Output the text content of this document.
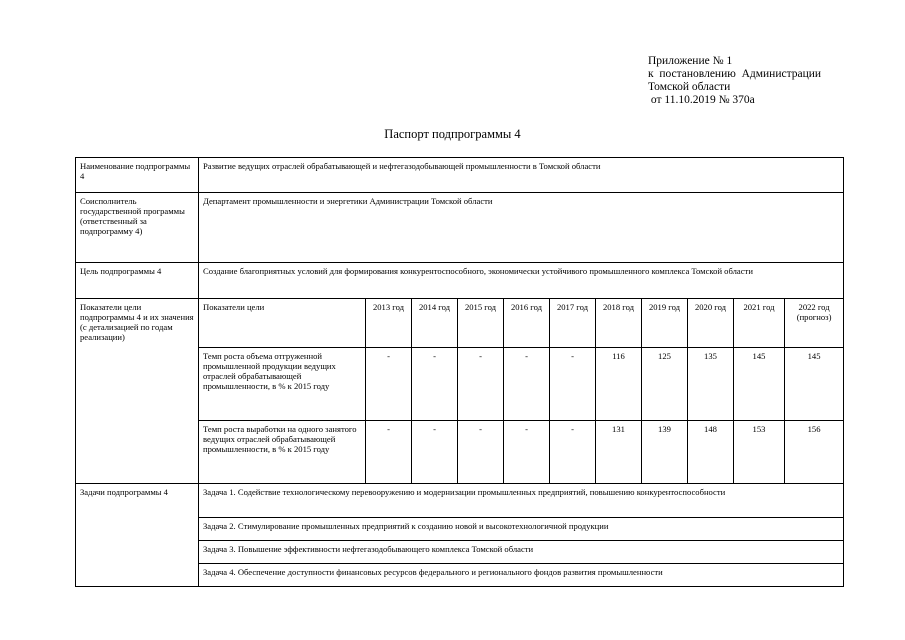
Приложение № 1
к  постановлению  Администрации
Томской области
от 11.10.2019 № 370а
Паспорт подпрограммы 4
Наименование подпрограммы 4	Развитие ведущих отраслей обрабатывающей и нефтегазодобывающей промышленности в Томской области										
Соисполнитель государственной программы (ответственный за подпрограмму 4)	Департамент промышленности и энергетики Администрации Томской области										
Цель подпрограммы 4	Создание благоприятных условий для формирования конкурентоспособного, экономически устойчивого промышленного комплекса Томской области										
Показатели цели подпрограммы 4 и их значения (с детализацией по годам реализации)	Показатели цели	2013 год	2014 год	2015 год	2016 год	2017 год	2018 год	2019 год	2020 год	2021 год	2022 год (прогноз)
	Темп роста объема отгруженной промышленной продукции ведущих отраслей обрабатывающей промышленности, в % к 2015 году	-	-	-	-	-	116	125	135	145	145
	Темп роста выработки на одного занятого ведущих отраслей обрабатывающей промышленности, в % к 2015 году	-	-	-	-	-	131	139	148	153	156
Задачи подпрограммы 4	Задача 1. Содействие технологическому перевооружению и модернизации промышленных предприятий, повышению конкурентоспособности										
	Задача 2. Стимулирование промышленных предприятий к созданию новой и высокотехнологичной продукции										
	Задача 3. Повышение эффективности нефтегазодобывающего комплекса Томской области										
	Задача 4. Обеспечение доступности финансовых ресурсов федерального и регионального фондов развития промышленности										
